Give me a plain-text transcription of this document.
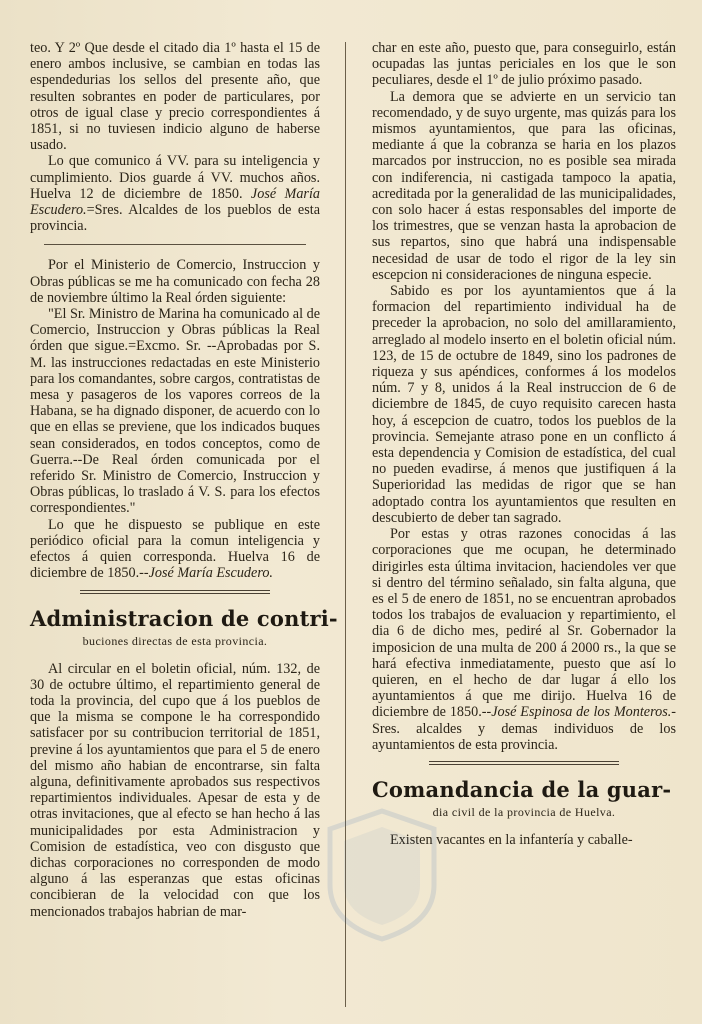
teo. Y 2º Que desde el citado dia 1º hasta el 15 de enero ambos inclusive, se cambian en todas las espendedurias los sellos del presente año, que resulten sobrantes en poder de particulares, por otros de igual clase y precio correspondientes á 1851, si no tuviesen indicio alguno de haberse usado.

Lo que comunico á VV. para su inteligencia y cumplimiento. Dios guarde á VV. muchos años. Huelva 12 de diciembre de 1850. José María Escudero.=Sres. Alcaldes de los pueblos de esta provincia.

Por el Ministerio de Comercio, Instruccion y Obras públicas se me ha comunicado con fecha 28 de noviembre último la Real órden siguiente:

"El Sr. Ministro de Marina ha comunicado al de Comercio, Instruccion y Obras públicas la Real órden que sigue.=Excmo. Sr. --Aprobadas por S. M. las instrucciones redactadas en este Ministerio para los comandantes, sobre cargos, contratistas de mesa y pasageros de los vapores correos de la Habana, se ha dignado disponer, de acuerdo con lo que en ellas se previene, que los indicados buques sean considerados, en todos conceptos, como de Guerra.--De Real órden comunicada por el referido Sr. Ministro de Comercio, Instruccion y Obras públicas, lo traslado á V. S. para los efectos correspondientes."

Lo que he dispuesto se publique en este periódico oficial para la comun inteligencia y efectos á quien corresponda. Huelva 16 de diciembre de 1850.--José María Escudero.

Administracion de contri-
buciones directas de esta provincia.

Al circular en el boletin oficial, núm. 132, de 30 de octubre último, el repartimiento general de toda la provincia, del cupo que á los pueblos de que la misma se compone le ha correspondido satisfacer por su contribucion territorial de 1851, previne á los ayuntamientos que para el 5 de enero del mismo año habian de encontrarse, sin falta alguna, definitivamente aprobados sus respectivos repartimientos individuales. Apesar de esta y de otras invitaciones, que al efecto se han hecho á las municipalidades por esta Administracion y Comision de estadística, veo con disgusto que dichas corporaciones no corresponden de modo alguno á las esperanzas que estas oficinas concibieran de la velocidad con que los mencionados trabajos habrian de mar-

char en este año, puesto que, para conseguirlo, están ocupadas las juntas periciales en los que le son peculiares, desde el 1º de julio próximo pasado.

La demora que se advierte en un servicio tan recomendado, y de suyo urgente, mas quizás para los mismos ayuntamientos, que para las oficinas, mediante á que la cobranza se haria en los plazos marcados por instruccion, no es posible sea mirada con indiferencia, ni castigada tampoco la apatia, acreditada por la generalidad de las municipalidades, con solo hacer á estas responsables del importe de los trimestres, que se venzan hasta la aprobacion de sus repartos, sino que habrá una indispensable necesidad de usar de todo el rigor de la ley sin escepcion ni consideraciones de ninguna especie.

Sabido es por los ayuntamientos que á la formacion del repartimiento individual ha de preceder la aprobacion, no solo del amillaramiento, arreglado al modelo inserto en el boletin oficial núm. 123, de 15 de octubre de 1849, sino los padrones de riqueza y sus apéndices, conformes á los modelos núm. 7 y 8, unidos á la Real instruccion de 6 de diciembre de 1845, de cuyo requisito carecen hasta hoy, á escepcion de cuatro, todos los pueblos de la provincia. Semejante atraso pone en un conflicto á esta dependencia y Comision de estadística, del cual no pueden evadirse, á menos que justifiquen á la Superioridad las medidas de rigor que se han adoptado contra los ayuntamientos que resulten en descubierto de deber tan sagrado.

Por estas y otras razones conocidas á las corporaciones que me ocupan, he determinado dirigirles esta última invitacion, haciendoles ver que si dentro del término señalado, sin falta alguna, que es el 5 de enero de 1851, no se encuentran aprobados todos los trabajos de evaluacion y repartimiento, el dia 6 de dicho mes, pediré al Sr. Gobernador la imposicion de una multa de 200 á 2000 rs., la que se hará efectiva inmediatamente, puesto que así lo quieren, en el hecho de dar lugar á ello los ayuntamientos á que me dirijo. Huelva 16 de diciembre de 1850.--José Espinosa de los Monteros.-Sres. alcaldes y demas individuos de los ayuntamientos de esta provincia.

Comandancia de la guar-
dia civil de la provincia de Huelva.

Existen vacantes en la infantería y caballe-
